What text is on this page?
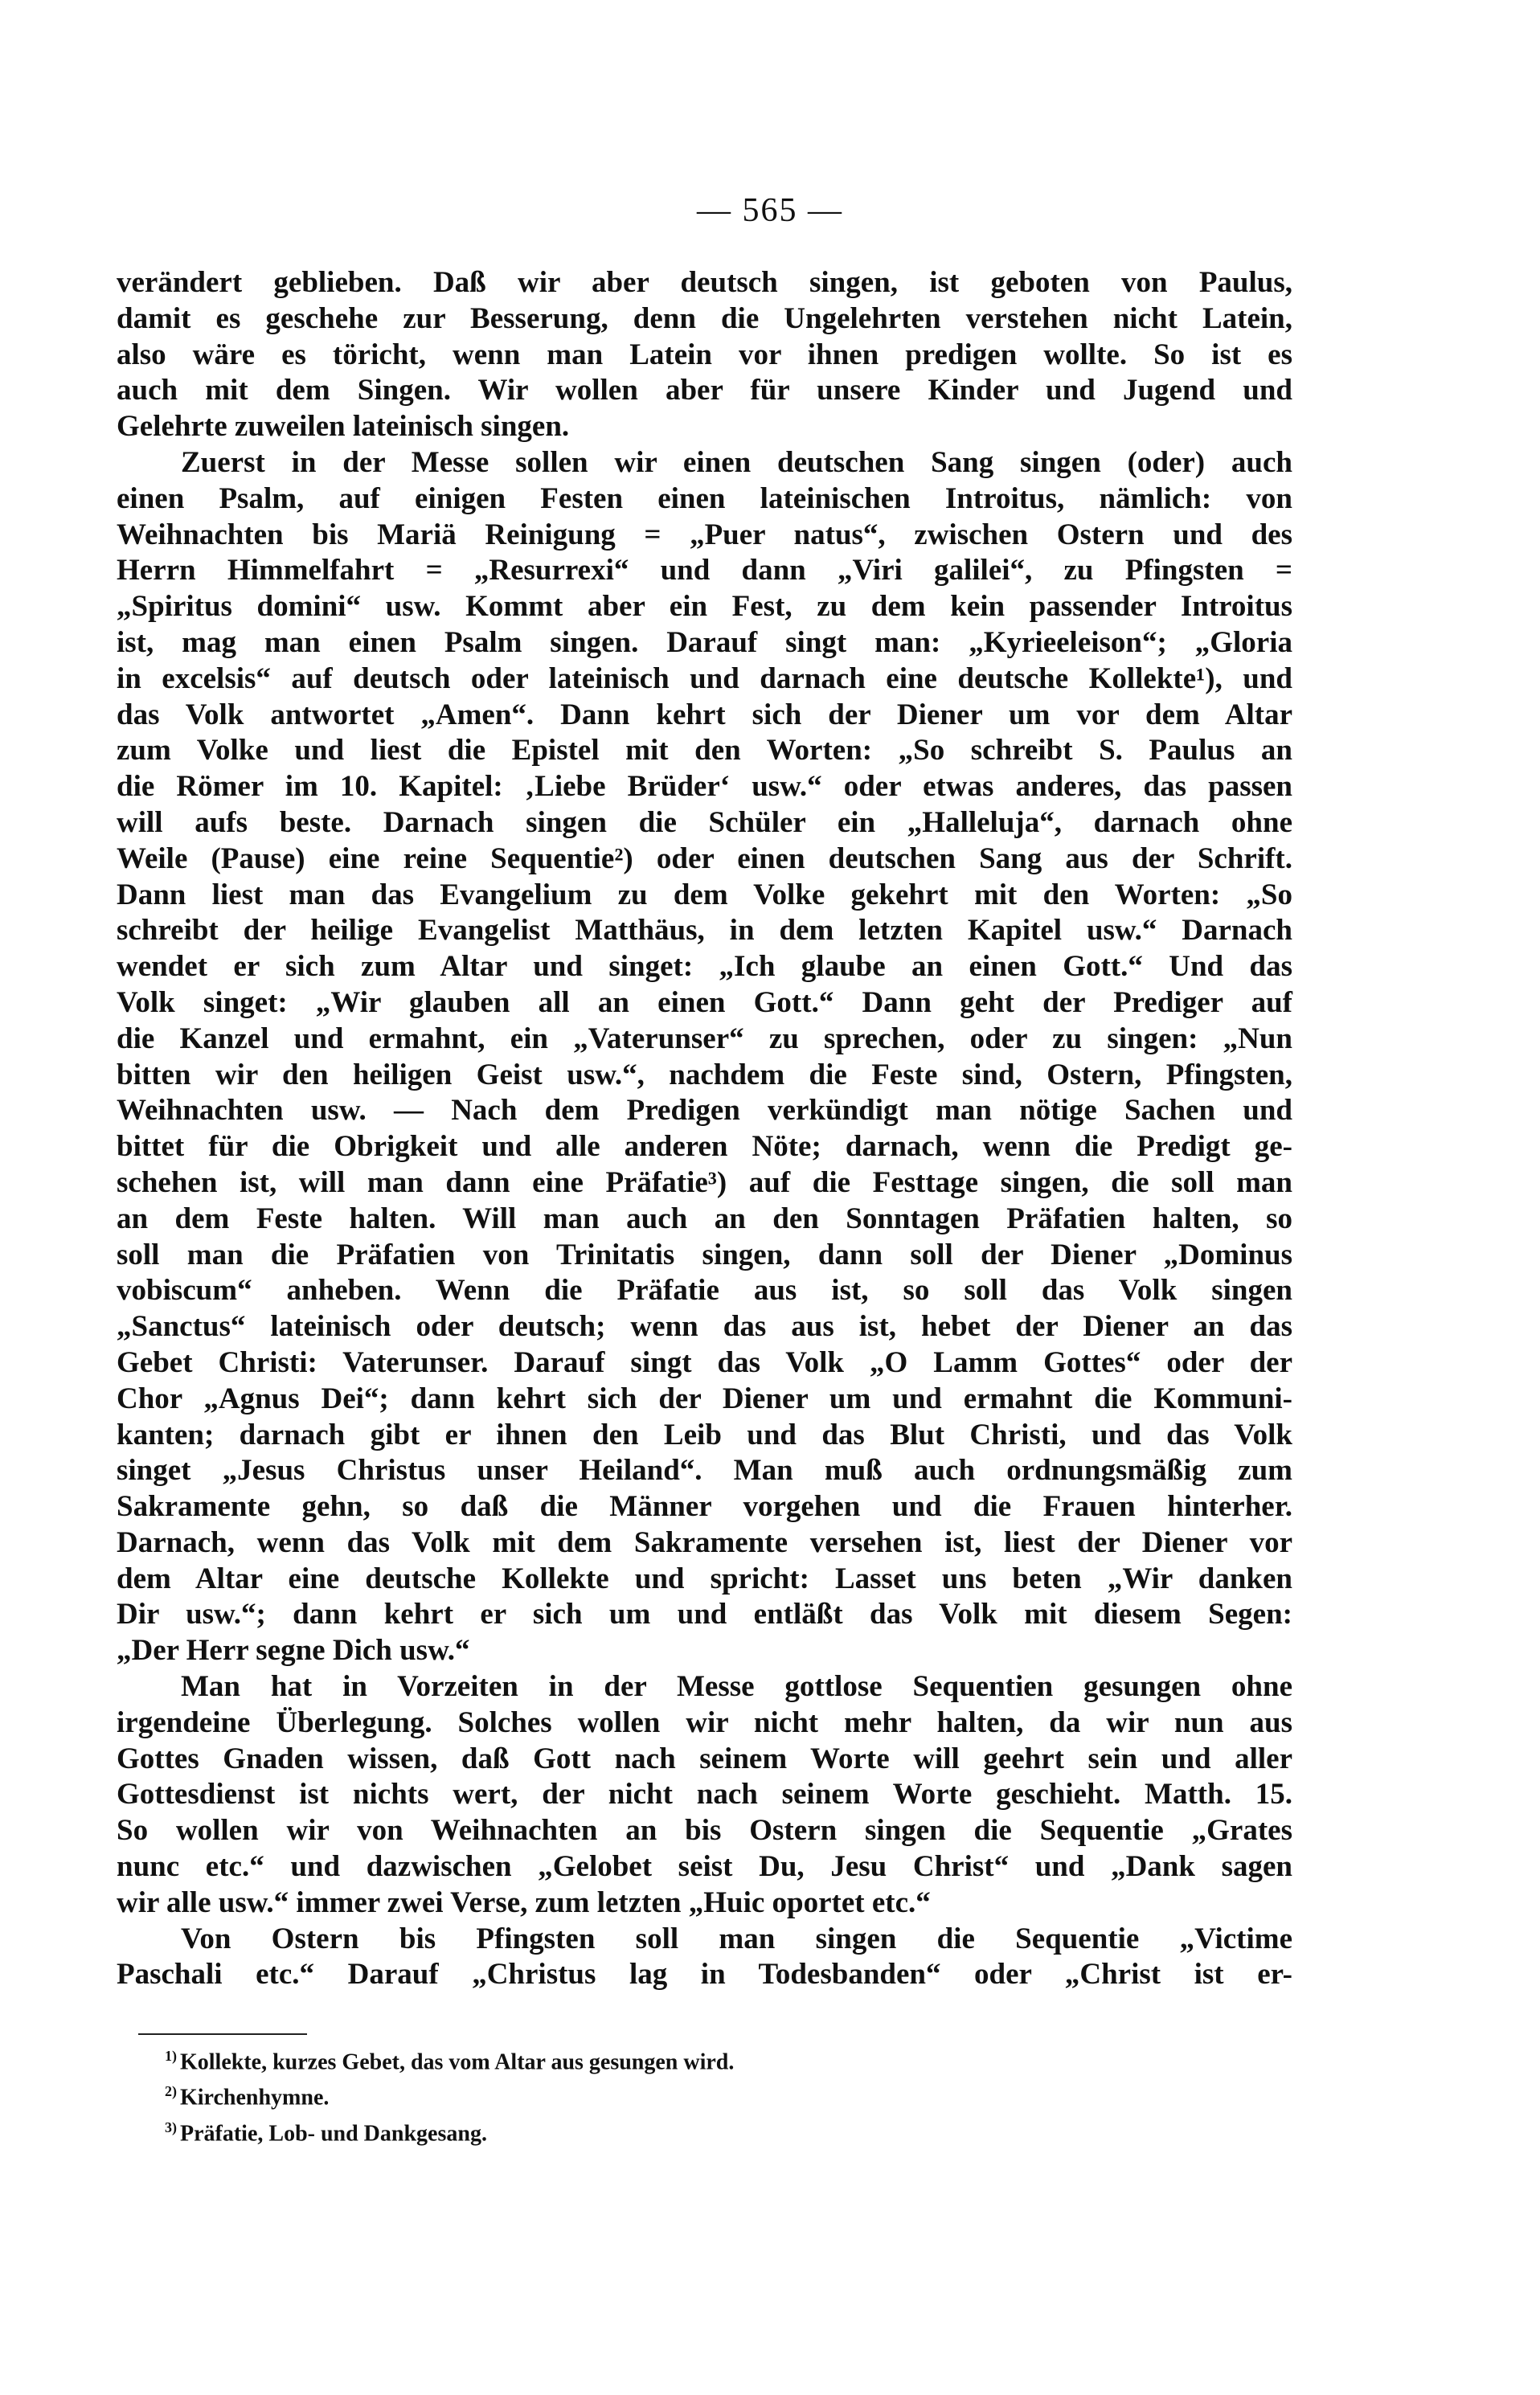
— 565 —
verändert geblieben. Daß wir aber deutsch singen, ist geboten von Paulus,
damit es geschehe zur Besserung, denn die Ungelehrten verstehen nicht Latein,
also wäre es töricht, wenn man Latein vor ihnen predigen wollte. So ist es
auch mit dem Singen. Wir wollen aber für unsere Kinder und Jugend und
Gelehrte zuweilen lateinisch singen.
Zuerst in der Messe sollen wir einen deutschen Sang singen (oder) auch
einen Psalm, auf einigen Festen einen lateinischen Introitus, nämlich: von
Weihnachten bis Mariä Reinigung = „Puer natus“, zwischen Ostern und des
Herrn Himmelfahrt = „Resurrexi“ und dann „Viri galilei“, zu Pfingsten =
„Spiritus domini“ usw. Kommt aber ein Fest, zu dem kein passender Introitus
ist, mag man einen Psalm singen. Darauf singt man: „Kyrieeleison“; „Gloria
in excelsis“ auf deutsch oder lateinisch und darnach eine deutsche Kollekte¹), und
das Volk antwortet „Amen“. Dann kehrt sich der Diener um vor dem Altar
zum Volke und liest die Epistel mit den Worten: „So schreibt S. Paulus an
die Römer im 10. Kapitel: ‚Liebe Brüder‘ usw.“ oder etwas anderes, das passen
will aufs beste. Darnach singen die Schüler ein „Halleluja“, darnach ohne
Weile (Pause) eine reine Sequentie²) oder einen deutschen Sang aus der Schrift.
Dann liest man das Evangelium zu dem Volke gekehrt mit den Worten: „So
schreibt der heilige Evangelist Matthäus, in dem letzten Kapitel usw.“ Darnach
wendet er sich zum Altar und singet: „Ich glaube an einen Gott.“ Und das
Volk singet: „Wir glauben all an einen Gott.“ Dann geht der Prediger auf
die Kanzel und ermahnt, ein „Vaterunser“ zu sprechen, oder zu singen: „Nun
bitten wir den heiligen Geist usw.“, nachdem die Feste sind, Ostern, Pfingsten,
Weihnachten usw. — Nach dem Predigen verkündigt man nötige Sachen und
bittet für die Obrigkeit und alle anderen Nöte; darnach, wenn die Predigt ge-
schehen ist, will man dann eine Präfatie³) auf die Festtage singen, die soll man
an dem Feste halten. Will man auch an den Sonntagen Präfatien halten, so
soll man die Präfatien von Trinitatis singen, dann soll der Diener „Dominus
vobiscum“ anheben. Wenn die Präfatie aus ist, so soll das Volk singen
„Sanctus“ lateinisch oder deutsch; wenn das aus ist, hebet der Diener an das
Gebet Christi: Vaterunser. Darauf singt das Volk „O Lamm Gottes“ oder der
Chor „Agnus Dei“; dann kehrt sich der Diener um und ermahnt die Kommuni-
kanten; darnach gibt er ihnen den Leib und das Blut Christi, und das Volk
singet „Jesus Christus unser Heiland“. Man muß auch ordnungsmäßig zum
Sakramente gehn, so daß die Männer vorgehen und die Frauen hinterher.
Darnach, wenn das Volk mit dem Sakramente versehen ist, liest der Diener vor
dem Altar eine deutsche Kollekte und spricht: Lasset uns beten „Wir danken
Dir usw.“; dann kehrt er sich um und entläßt das Volk mit diesem Segen:
„Der Herr segne Dich usw.“
Man hat in Vorzeiten in der Messe gottlose Sequentien gesungen ohne
irgendeine Überlegung. Solches wollen wir nicht mehr halten, da wir nun aus
Gottes Gnaden wissen, daß Gott nach seinem Worte will geehrt sein und aller
Gottesdienst ist nichts wert, der nicht nach seinem Worte geschieht. Matth. 15.
So wollen wir von Weihnachten an bis Ostern singen die Sequentie „Grates
nunc etc.“ und dazwischen „Gelobet seist Du, Jesu Christ“ und „Dank sagen
wir alle usw.“ immer zwei Verse, zum letzten „Huic oportet etc.“
Von Ostern bis Pfingsten soll man singen die Sequentie „Victime
Paschali etc.“ Darauf „Christus lag in Todesbanden“ oder „Christ ist er-
$^{1)}$ Kollekte, kurzes Gebet, das vom Altar aus gesungen wird.
$^{2)}$ Kirchenhymne.
$^{3)}$ Präfatie, Lob- und Dankgesang.
